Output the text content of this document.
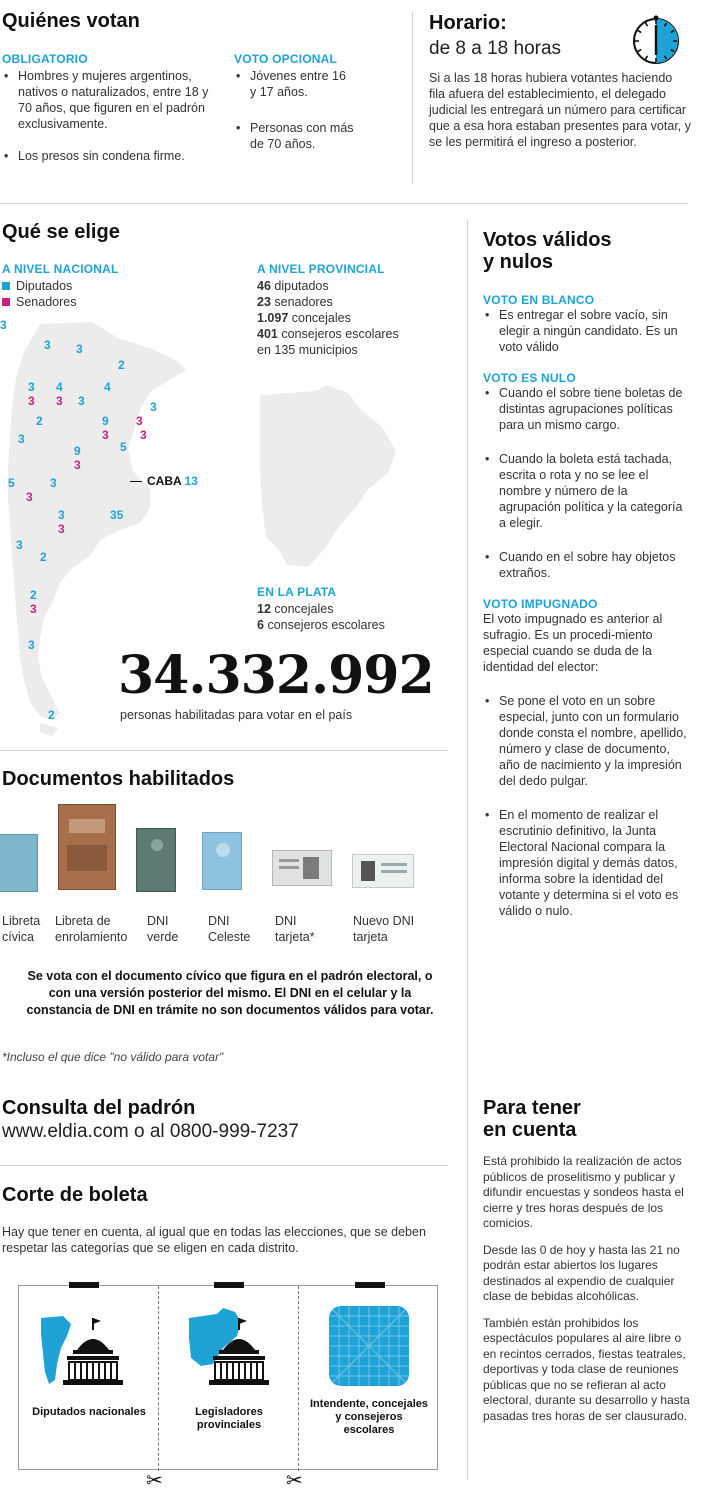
Quiénes votan
OBLIGATORIO
• Hombres y mujeres argentinos, nativos o naturalizados, entre 18 y 70 años, que figuren en el padrón exclusivamente.
• Los presos sin condena firme.
VOTO OPCIONAL
• Jóvenes entre 16 y 17 años.
• Personas con más de 70 años.
Horario:
de 8 a 18 horas
Si a las 18 horas hubiera votantes haciendo fila afuera del establecimiento, el delegado judicial les entregará un número para certificar que a esa hora estaban presentes para votar, y se les permitirá el ingreso a posterior.
Qué se elige
A NIVEL NACIONAL
Diputados
Senadores
3 3
2
3 4	4
3
3 3 3
3
2	9
3
3	3
5
9
3
5	3
3
3	35
3
3
2
2
3
3
2
3
CABA 13
A NIVEL PROVINCIAL
46 diputados
23 senadores
1.097 concejales
401 consejeros escolares
en 135 municipios
EN LA PLATA
12 concejales
6 consejeros escolares
34.332.992
personas habilitadas para votar en el país
Documentos habilitados
Libreta
cívica
Libreta de
enrolamiento
DNI
verde
DNI
Celeste
DNI
tarjeta*
Nuevo DNI
tarjeta
Se vota con el documento cívico que figura en el padrón electoral, o con una versión posterior del mismo. El DNI en el celular y la constancia de DNI en trámite no son documentos válidos para votar.
*Incluso el que dice "no válido para votar"
Consulta del padrón
www.eldia.com o al 0800-999-7237
Corte de boleta
Hay que tener en cuenta, al igual que en todas las elecciones, que se deben respetar las categorías que se eligen en cada distrito.
Diputados nacionales	Legisladores provinciales
Intendente, concejales y consejeros escolares
✂	✂
Votos válidos
y nulos
VOTO EN BLANCO
• Es entregar el sobre vacío, sin elegir a ningún candidato. Es un voto válido
VOTO ES NULO
• Cuando el sobre tiene boletas de distintas agrupaciones políticas para un mismo cargo.
• Cuando la boleta está tachada, escrita o rota y no se lee el nombre y número de la agrupación política y la categoría a elegir.
• Cuando en el sobre hay objetos extraños.
VOTO IMPUGNADO
El voto impugnado es anterior al sufragio. Es un procedi-miento especial cuando se duda de la identidad del elector:
• Se pone el voto en un sobre especial, junto con un formulario donde consta el nombre, apellido, número y clase de documento, año de nacimiento y la impresión del dedo pulgar.
• En el momento de realizar el escrutinio definitivo, la Junta Electoral Nacional compara la impresión digital y demás datos, informa sobre la identidad del votante y determina si el voto es válido o nulo.
Para tener
en cuenta
Está prohibido la realización de actos públicos de proselitismo y publicar y difundir encuestas y sondeos hasta el cierre y tres horas después de los comicios.
Desde las 0 de hoy y hasta las 21 no podrán estar abiertos los lugares destinados al expendio de cualquier clase de bebidas alcohólicas.
También están prohibidos los espectáculos populares al aire libre o en recintos cerrados, fiestas teatrales, deportivas y toda clase de reuniones públicas que no se refieran al acto electoral, durante su desarrollo y hasta pasadas tres horas de ser clausurado.
